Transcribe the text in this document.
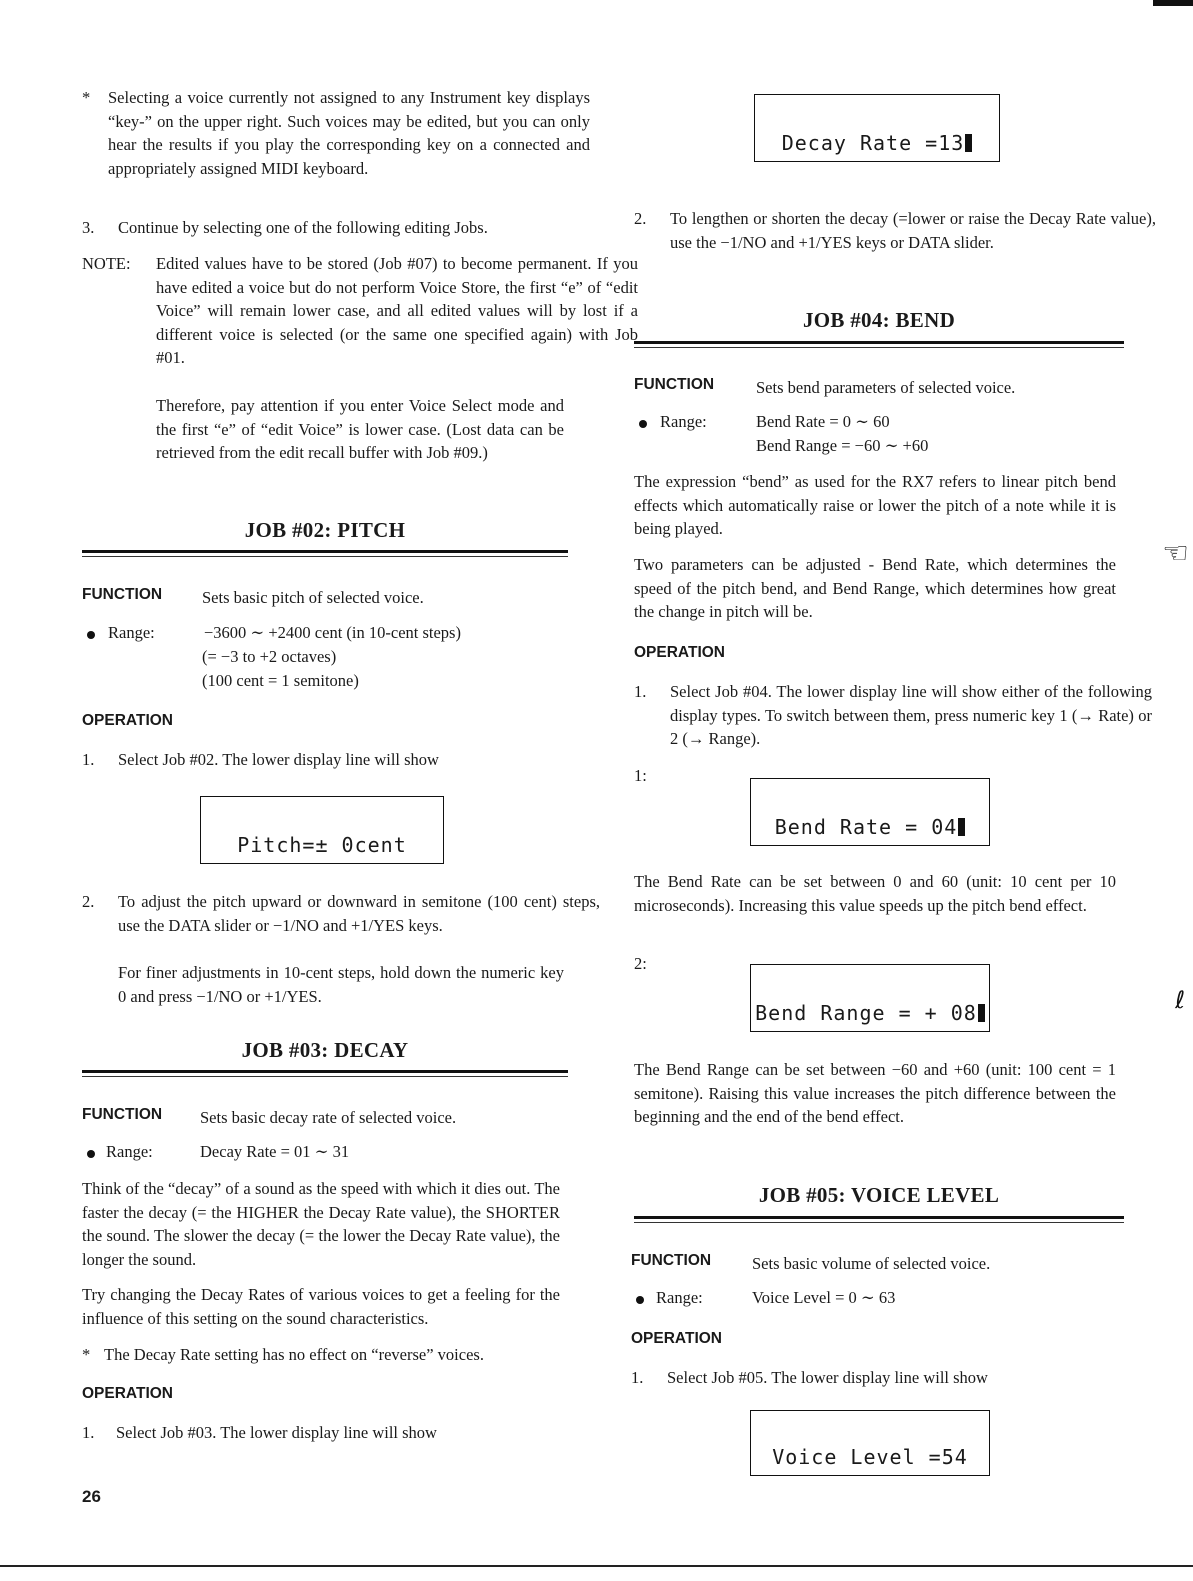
* Selecting a voice currently not assigned to any Instrument key displays “key-” on the upper right. Such voices may be edited, but you can only hear the results if you play the corresponding key on a connected and appropriately assigned MIDI keyboard.
3. Continue by selecting one of the following editing Jobs.
NOTE: Edited values have to be stored (Job #07) to become permanent. If you have edited a voice but do not perform Voice Store, the first “e” of “edit Voice” will remain lower case, and all edited values will by lost if a different voice is selected (or the same one specified again) with Job #01.
Therefore, pay attention if you enter Voice Select mode and the first “e” of “edit Voice” is lower case. (Lost data can be retrieved from the edit recall buffer with Job #09.)
JOB #02: PITCH
FUNCTION Sets basic pitch of selected voice.
Range:	−3600 ∼ +2400 cent (in 10-cent steps)
(= −3 to +2 octaves)
(100 cent = 1 semitone)
OPERATION
1. Select Job #02. The lower display line will show
Pitch=± 0cent
2. To adjust the pitch upward or downward in semitone (100 cent) steps, use the DATA slider or −1/NO and +1/YES keys.
For finer adjustments in 10-cent steps, hold down the numeric key 0 and press −1/NO or +1/YES.
JOB #03: DECAY
FUNCTION Sets basic decay rate of selected voice.
Range:	Decay Rate = 01 ∼ 31
Think of the “decay” of a sound as the speed with which it dies out. The faster the decay (= the HIGHER the Decay Rate value), the SHORTER the sound. The slower the decay (= the lower the Decay Rate value), the longer the sound.
Try changing the Decay Rates of various voices to get a feeling for the influence of this setting on the sound characteristics.
* The Decay Rate setting has no effect on “reverse” voices.
OPERATION
1. Select Job #03. The lower display line will show
Decay Rate =13
2. To lengthen or shorten the decay (=lower or raise the Decay Rate value), use the −1/NO and +1/YES keys or DATA slider.
JOB #04: BEND
FUNCTION	Sets bend parameters of selected voice.
Range:	Bend Rate = 0 ∼ 60
Bend Range = −60 ∼ +60
The expression “bend” as used for the RX7 refers to linear pitch bend effects which automatically raise or lower the pitch of a note while it is being played.
Two parameters can be adjusted - Bend Rate, which determines the speed of the pitch bend, and Bend Range, which determines how great the change in pitch will be.
OPERATION
1. Select Job #04. The lower display line will show either of the following display types. To switch between them, press numeric key 1 (→ Rate) or 2 (→ Range).
1:
Bend Rate = 04
The Bend Rate can be set between 0 and 60 (unit: 10 cent per 10 microseconds). Increasing this value speeds up the pitch bend effect.
2:
Bend Range = + 08
The Bend Range can be set between −60 and +60 (unit: 100 cent = 1 semitone). Raising this value increases the pitch difference between the beginning and the end of the bend effect.
JOB #05: VOICE LEVEL
FUNCTION Sets basic volume of selected voice.
Range:	Voice Level = 0 ∼ 63
OPERATION
1. Select Job #05. The lower display line will show
Voice Level =54
26
☜
ℓ
